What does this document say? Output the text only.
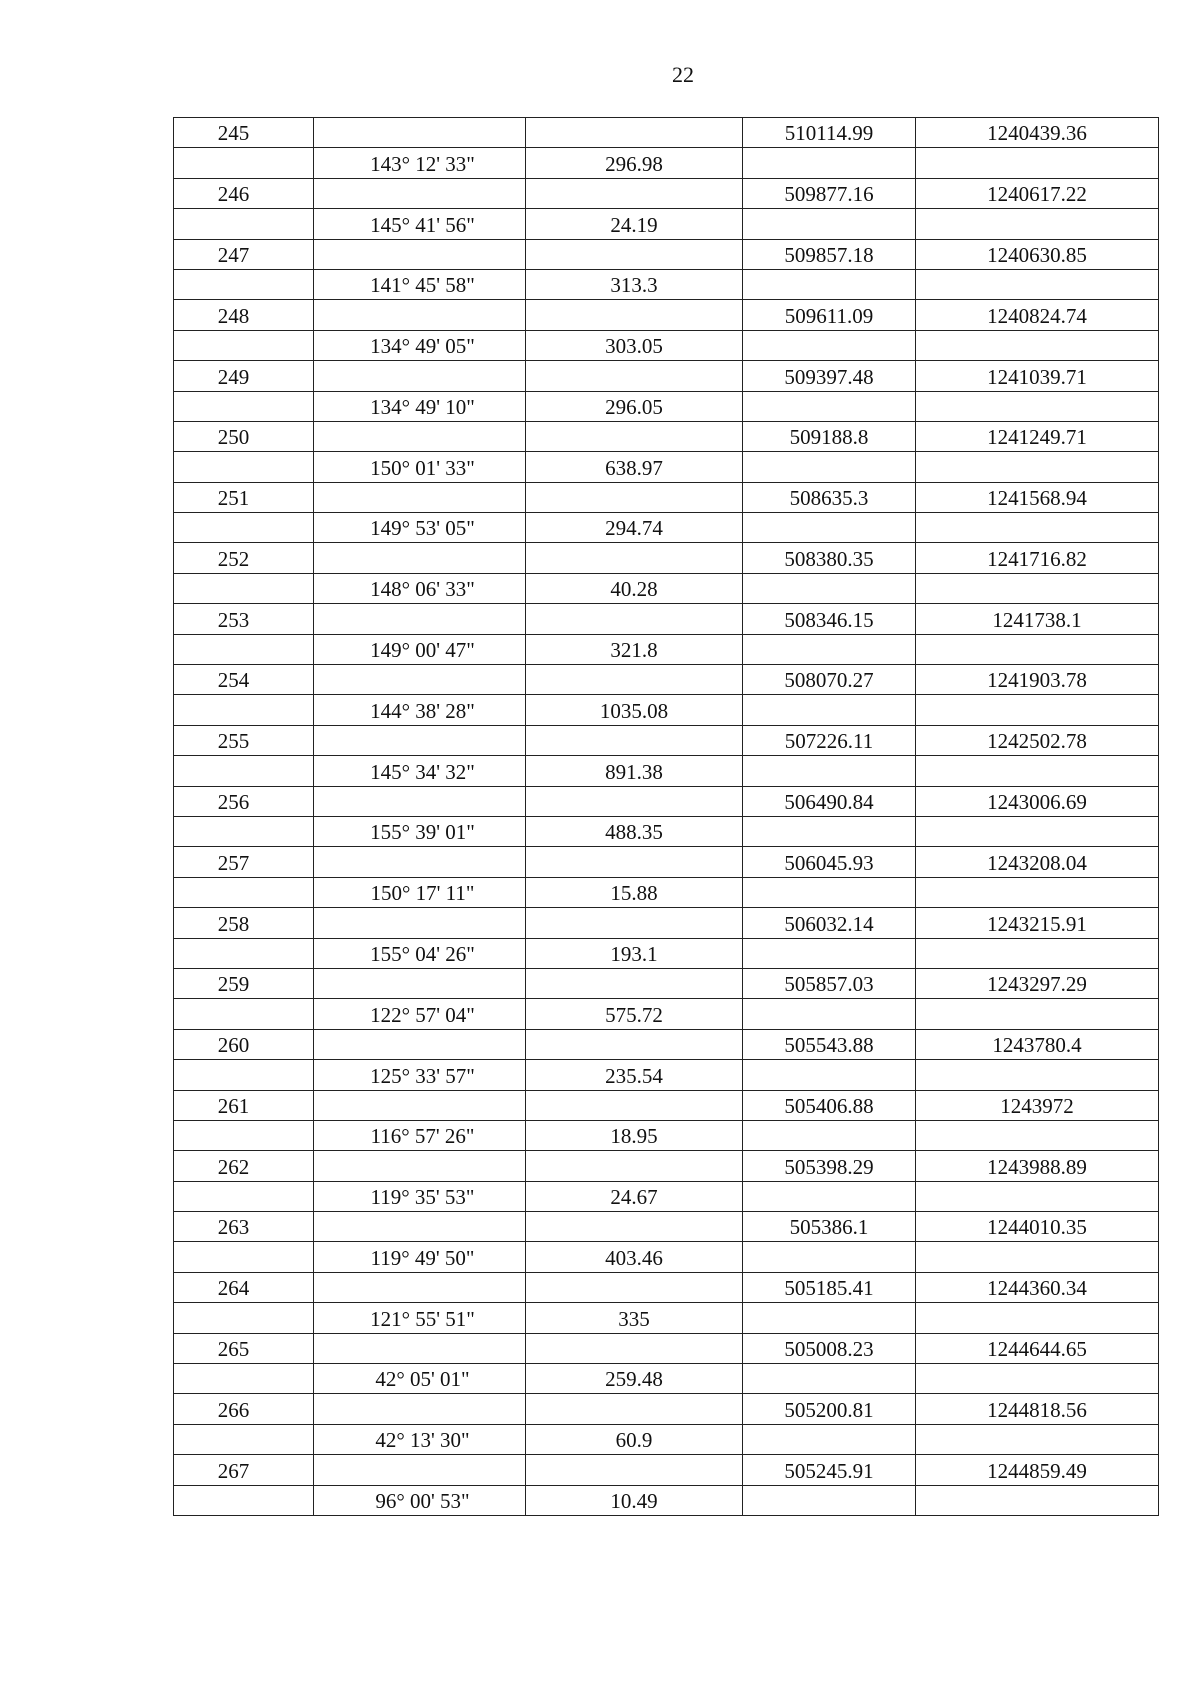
22
245			510114.99	1240439.36
	143° 12' 33"	296.98		
246			509877.16	1240617.22
	145° 41' 56"	24.19		
247			509857.18	1240630.85
	141° 45' 58"	313.3		
248			509611.09	1240824.74
	134° 49' 05"	303.05		
249			509397.48	1241039.71
	134° 49' 10"	296.05		
250			509188.8	1241249.71
	150° 01' 33"	638.97		
251			508635.3	1241568.94
	149° 53' 05"	294.74		
252			508380.35	1241716.82
	148° 06' 33"	40.28		
253			508346.15	1241738.1
	149° 00' 47"	321.8		
254			508070.27	1241903.78
	144° 38' 28"	1035.08		
255			507226.11	1242502.78
	145° 34' 32"	891.38		
256			506490.84	1243006.69
	155° 39' 01"	488.35		
257			506045.93	1243208.04
	150° 17' 11"	15.88		
258			506032.14	1243215.91
	155° 04' 26"	193.1		
259			505857.03	1243297.29
	122° 57' 04"	575.72		
260			505543.88	1243780.4
	125° 33' 57"	235.54		
261			505406.88	1243972
	116° 57' 26"	18.95		
262			505398.29	1243988.89
	119° 35' 53"	24.67		
263			505386.1	1244010.35
	119° 49' 50"	403.46		
264			505185.41	1244360.34
	121° 55' 51"	335		
265			505008.23	1244644.65
	42° 05' 01"	259.48		
266			505200.81	1244818.56
	42° 13' 30"	60.9		
267			505245.91	1244859.49
	96° 00' 53"	10.49		
